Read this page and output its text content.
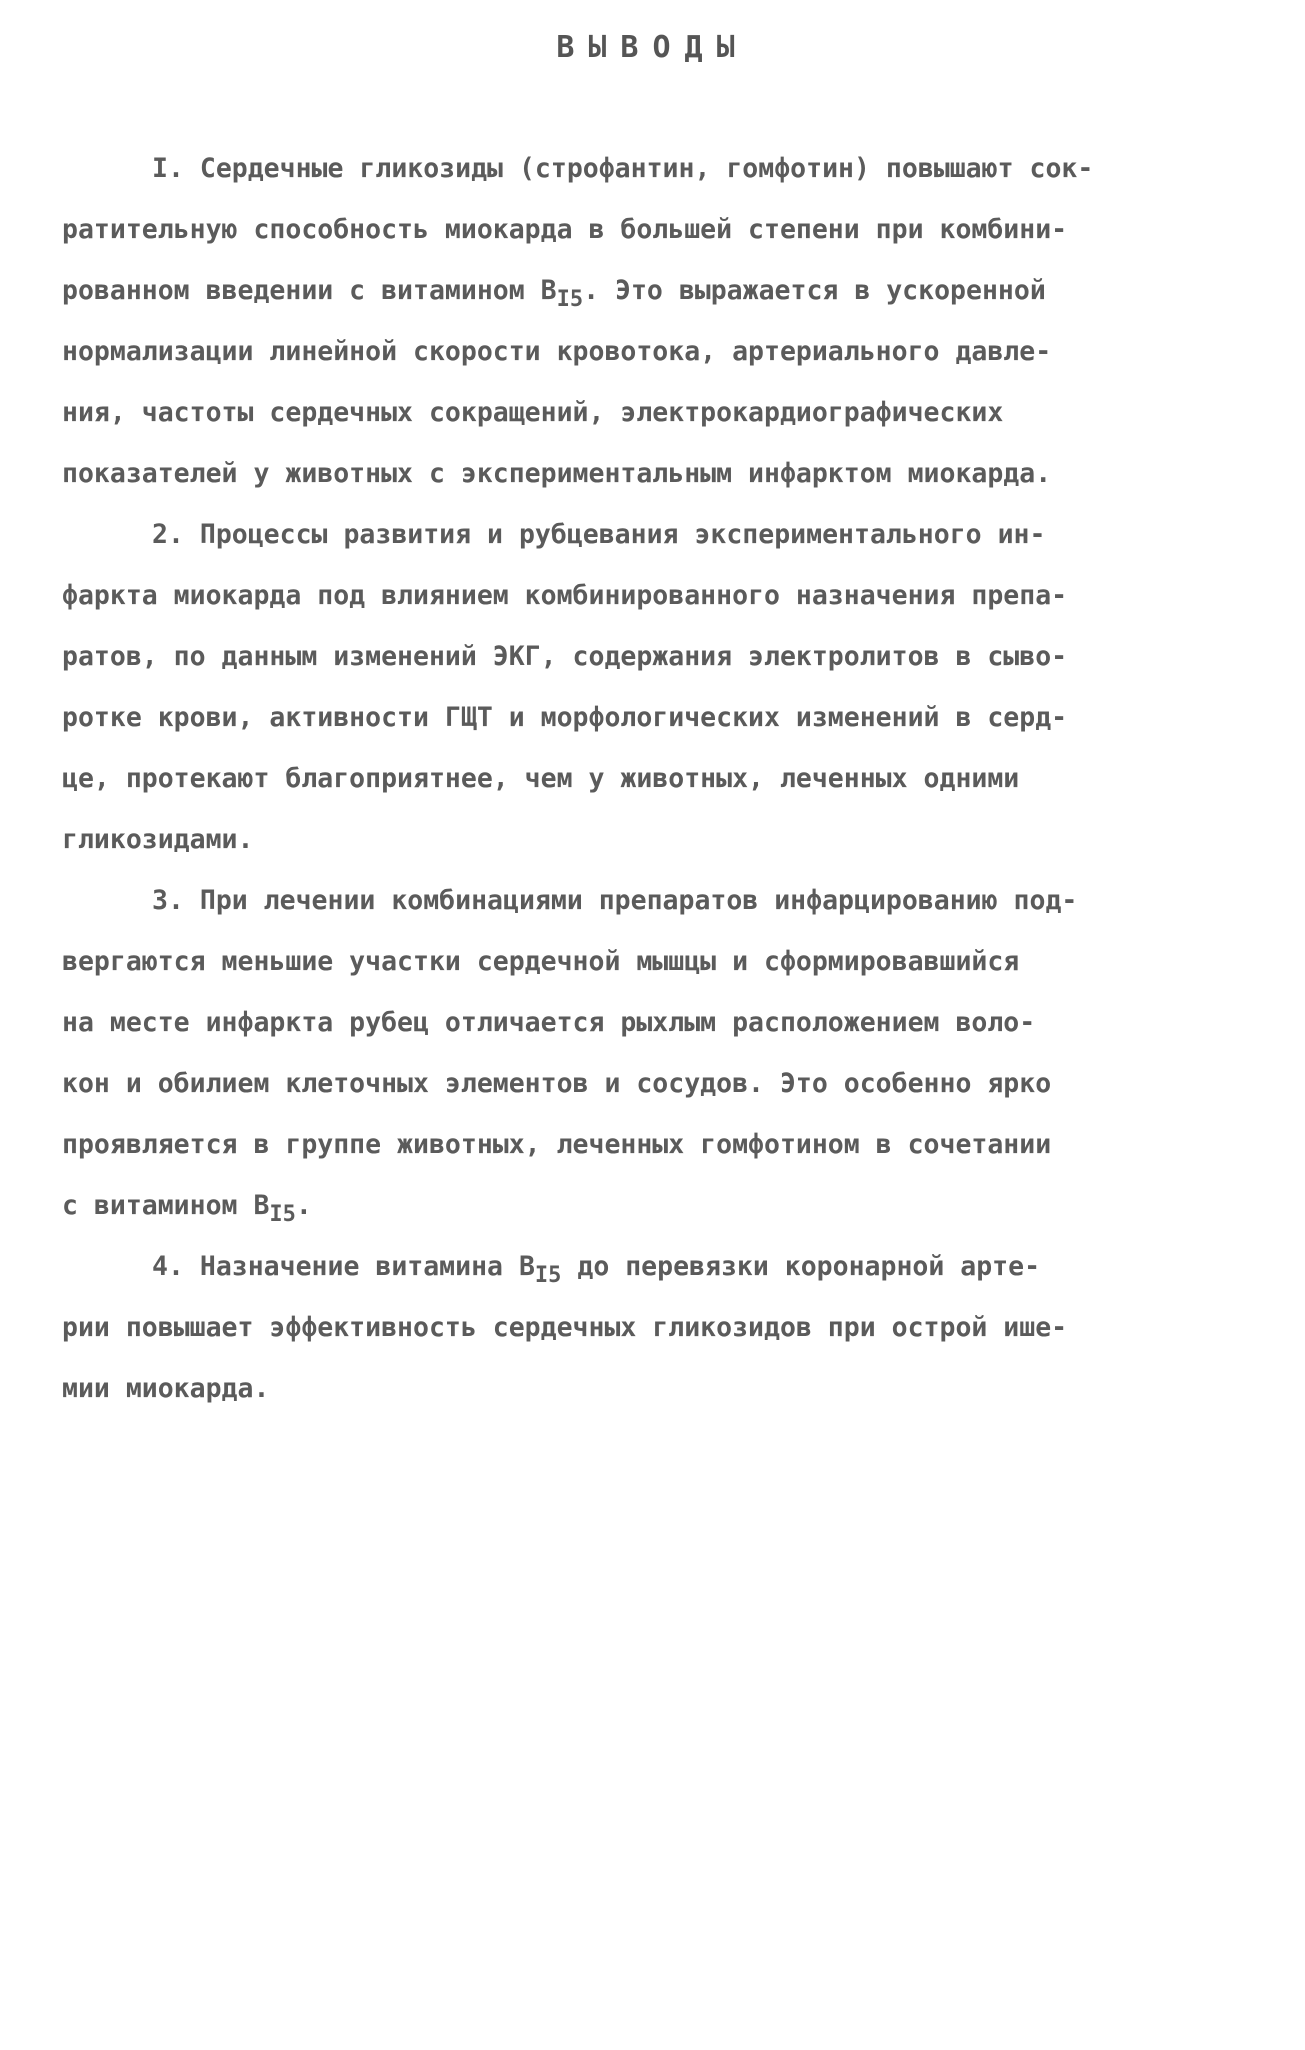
ВЫВОДЫ
I. Сердечные гликозиды (строфантин, гомфотин) повышают сок-
ратительную способность миокарда в большей степени при комбини-
рованном введении с витамином $В_{I5}$. Это выражается в ускоренной
нормализации линейной скорости кровотока, артериального давле-
ния, частоты сердечных сокращений, электрокардиографических
показателей у животных с экспериментальным инфарктом миокарда.
2. Процессы развития и рубцевания экспериментального ин-
фаркта миокарда под влиянием комбинированного назначения препа-
ратов, по данным изменений ЭКГ, содержания электролитов в сыво-
ротке крови, активности ГЩТ и морфологических изменений в серд-
це, протекают благоприятнее, чем у животных, леченных одними
гликозидами.
3. При лечении комбинациями препаратов инфарцированию под-
вергаются меньшие участки сердечной мышцы и сформировавшийся
на месте инфаркта рубец отличается рыхлым расположением воло-
кон и обилием клеточных элементов и сосудов. Это особенно ярко
проявляется в группе животных, леченных гомфотином в сочетании
с витамином $В_{I5}$.
4. Назначение витамина $В_{I5}$ до перевязки коронарной арте-
рии повышает эффективность сердечных гликозидов при острой ише-
мии миокарда.
